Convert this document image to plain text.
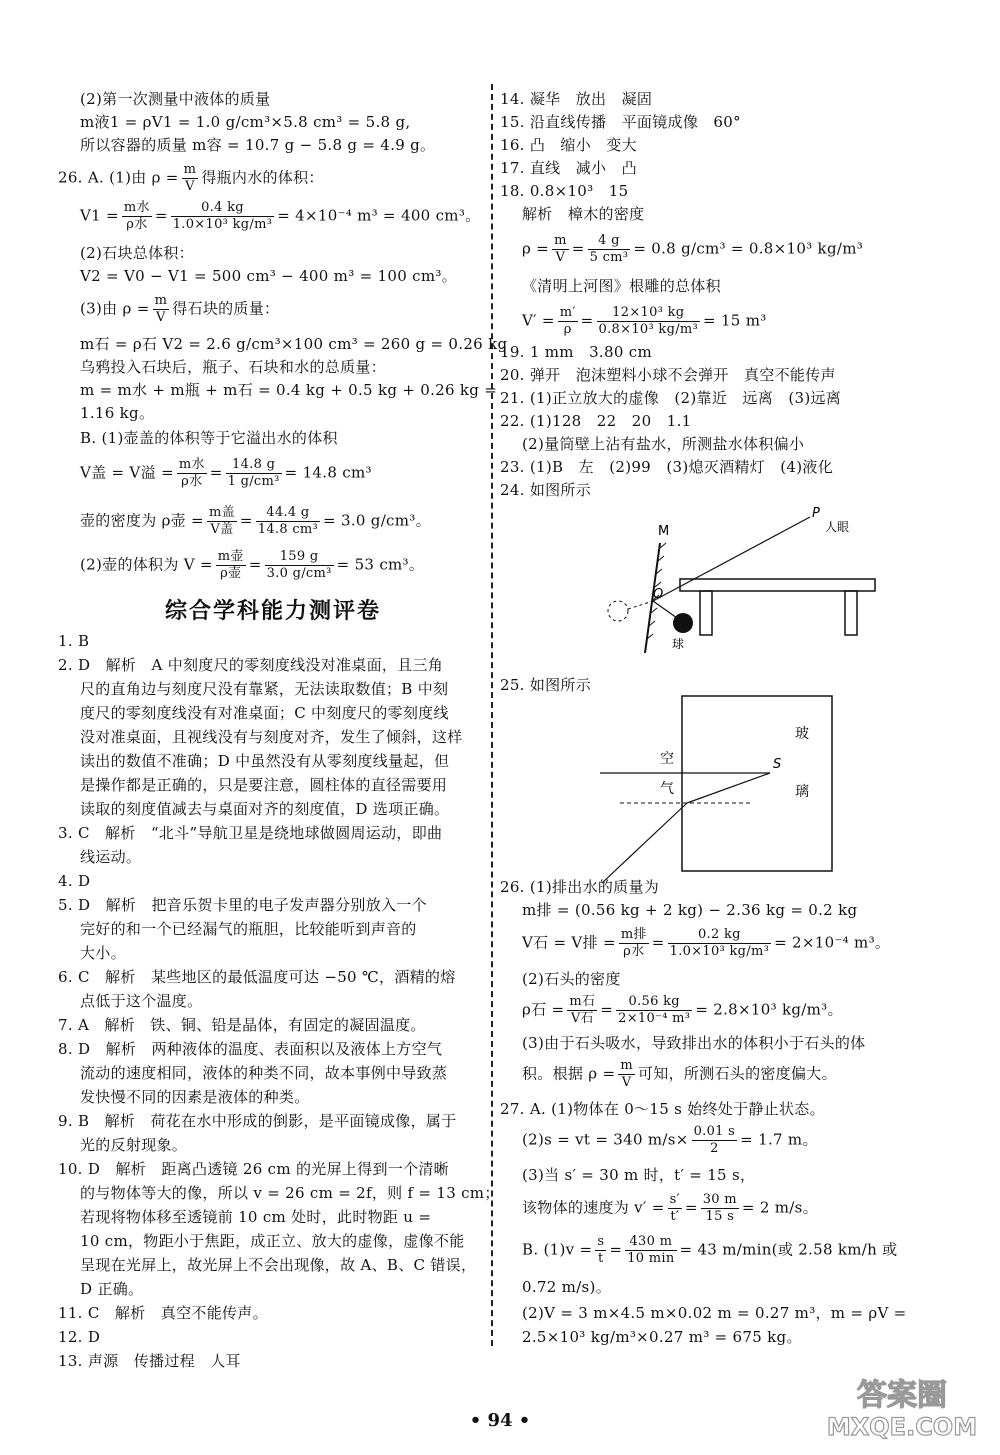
(2)第一次测量中液体的质量
m液1 = ρV1 = 1.0 g/cm³×5.8 cm³ = 5.8 g,
所以容器的质量 m容 = 10.7 g − 5.8 g = 4.9 g。
26. A. (1)由 $\rho = \frac{m}{V}$ 得瓶内水的体积：
$V1 = \frac{\text{m水}}{\text{ρ水}} = \frac{0.4 kg}{\text{1.0×10³ kg/m³}} = 4\times 10^{-4}$ m³ = 400 cm³。
(2)石块总体积：
V2 = V0 − V1 = 500 cm³ − 400 m³ = 100 cm³。
(3)由 $\rho = \frac{m}{V}$ 得石块的质量：
m石 = ρ石 V2 = 2.6 g/cm³×100 cm³ = 260 g = 0.26 kg
乌鸦投入石块后，瓶子、石块和水的总质量：
m = m水 + m瓶 + m石 = 0.4 kg + 0.5 kg + 0.26 kg =
1.16 kg。
B. (1)壶盖的体积等于它溢出水的体积
V盖 = V溢 = $\frac{\text{m水}}{\text{ρ水}} = \frac{14.8 g}{\text{1 g/cm³}} = 14.8$ cm³
壶的密度为 ρ壶 = $\frac{\text{m盖}}{\text{V盖}} = \frac{44.4 g}{\text{14.8 cm³}} = 3.0$ g/cm³。
(2)壶的体积为 $V = \frac{\text{m壶}}{\text{ρ壶}} = \frac{159 g}{\text{3.0 g/cm³}} = 53$ cm³。
综合学科能力测评卷
1. B
2. D　解析　A 中刻度尺的零刻度线没对准桌面，且三角
尺的直角边与刻度尺没有靠紧，无法读取数值；B 中刻
度尺的零刻度线没有对准桌面；C 中刻度尺的零刻度线
没对准桌面，且视线没有与刻度对齐，发生了倾斜，这样
读出的数值不准确；D 中虽然没有从零刻度线量起，但
是操作都是正确的，只是要注意，圆柱体的直径需要用
读取的刻度值减去与桌面对齐的刻度值，D 选项正确。
3. C　解析　“北斗”导航卫星是绕地球做圆周运动，即曲
线运动。
4. D
5. D　解析　把音乐贺卡里的电子发声器分别放入一个
完好的和一个已经漏气的瓶胆，比较能听到声音的
大小。
6. C　解析　某些地区的最低温度可达 −50 ℃，酒精的熔
点低于这个温度。
7. A　解析　铁、铜、铅是晶体，有固定的凝固温度。
8. D　解析　两种液体的温度、表面积以及液体上方空气
流动的速度相同，液体的种类不同，故本事例中导致蒸
发快慢不同的因素是液体的种类。
9. B　解析　荷花在水中形成的倒影，是平面镜成像，属于
光的反射现象。
10. D　解析　距离凸透镜 26 cm 的光屏上得到一个清晰
的与物体等大的像，所以 v = 26 cm = 2f，则 f = 13 cm；
若现将物体移至透镜前 10 cm 处时，此时物距 u =
10 cm，物距小于焦距，成正立、放大的虚像，虚像不能
呈现在光屏上，故光屏上不会出现像，故 A、B、C 错误，
D 正确。
11. C　解析　真空不能传声。
12. D
13. 声源　传播过程　人耳
14. 凝华　放出　凝固
15. 沿直线传播　平面镜成像　60°
16. 凸　缩小　变大
17. 直线　减小　凸
18. 0.8×10³　15
解析　樟木的密度
$\rho = \frac{m}{V} = \frac{4 g}{\text{5 cm³}} = 0.8$ g/cm³ = 0.8×10³ kg/m³
《清明上河图》根雕的总体积
$V' = \frac{m'}{\rho} = \frac{\text{12×10³ kg}}{\text{0.8×10³ kg/m³}} = 15$ m³
19. 1 mm　3.80 cm
20. 弹开　泡沫塑料小球不会弹开　真空不能传声
21. (1)正立放大的虚像　(2)靠近　远离　(3)远离
22. (1)128　22　20　1.1
(2)量筒壁上沾有盐水，所测盐水体积偏小
23. (1)B　左　(2)99　(3)熄灭酒精灯　(4)液化
24. 如图所示
M
球
O
P
人眼
25. 如图所示
空
气
玻
璃
S
26. (1)排出水的质量为
m排 = (0.56 kg + 2 kg) − 2.36 kg = 0.2 kg
V石 = V排 = $\frac{\text{m排}}{\text{ρ水}} = \frac{0.2 kg}{\text{1.0×10³ kg/m³}} = 2\times 10^{-4}$ m³。
(2)石头的密度
ρ石 = $\frac{\text{m石}}{\text{V石}} = \frac{0.56 kg}{\text{2×10⁻⁴ m³}} = 2.8\times 10^3$ kg/m³。
(3)由于石头吸水，导致排出水的体积小于石头的体
积。根据 $\rho = \frac{m}{V}$ 可知，所测石头的密度偏大。
27. A. (1)物体在 0～15 s 始终处于静止状态。
(2)s = vt = 340 $m/s\times \frac{0.01 s}{2} = 1.7$ m。
(3)当 s′ = 30 m 时，t′ = 15 s，
该物体的速度为 $v' = \frac{s'}{t'} = \frac{30 m}{15 s} = 2$ m/s。
B. $(1)v = \frac{s}{t} = \frac{430 m}{10 \min} = 43$ m/min(或 2.58 km/h 或
0.72 m/s)。
(2)V = 3 m×4.5 m×0.02 m = 0.27 m³，m = ρV =
2.5×10³ kg/m³×0.27 m³ = 675 kg。
• 94 •
答案圈
MXQE.COM
